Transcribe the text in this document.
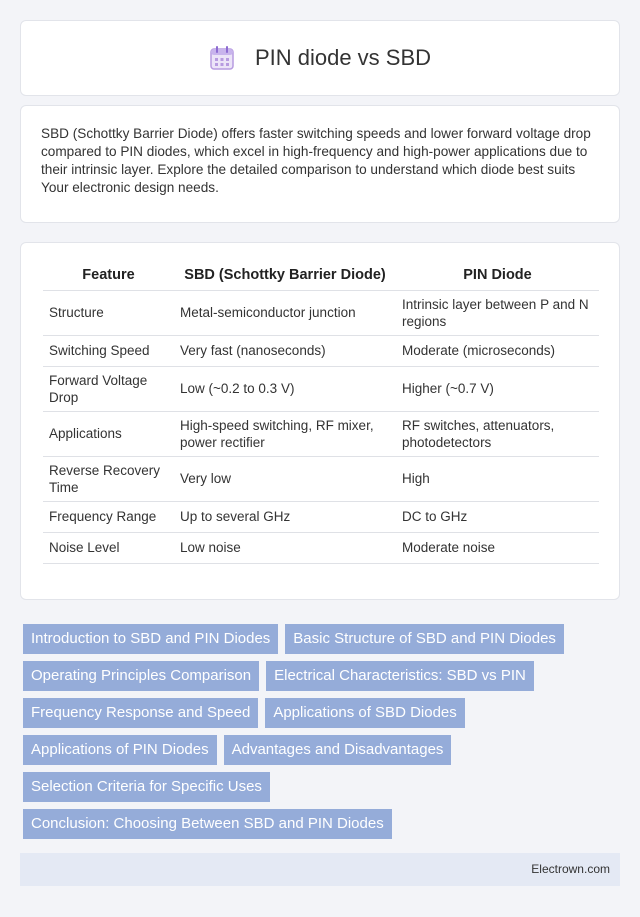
PIN diode vs SBD

SBD (Schottky Barrier Diode) offers faster switching speeds and lower forward voltage drop compared to PIN diodes, which excel in high-frequency and high-power applications due to their intrinsic layer. Explore the detailed comparison to understand which diode best suits Your electronic design needs.

Feature	SBD (Schottky Barrier Diode)	PIN Diode
Structure	Metal-semiconductor junction	Intrinsic layer between P and N regions
Switching Speed	Very fast (nanoseconds)	Moderate (microseconds)
Forward Voltage Drop	Low (~0.2 to 0.3 V)	Higher (~0.7 V)
Applications	High-speed switching, RF mixer, power rectifier	RF switches, attenuators, photodetectors
Reverse Recovery Time	Very low	High
Frequency Range	Up to several GHz	DC to GHz
Noise Level	Low noise	Moderate noise
Introduction to SBD and PIN Diodes	Basic Structure of SBD and PIN Diodes
Operating Principles Comparison	Electrical Characteristics: SBD vs PIN
Frequency Response and Speed	Applications of SBD Diodes
Applications of PIN Diodes	Advantages and Disadvantages
Selection Criteria for Specific Uses
Conclusion: Choosing Between SBD and PIN Diodes
Electrown.com
